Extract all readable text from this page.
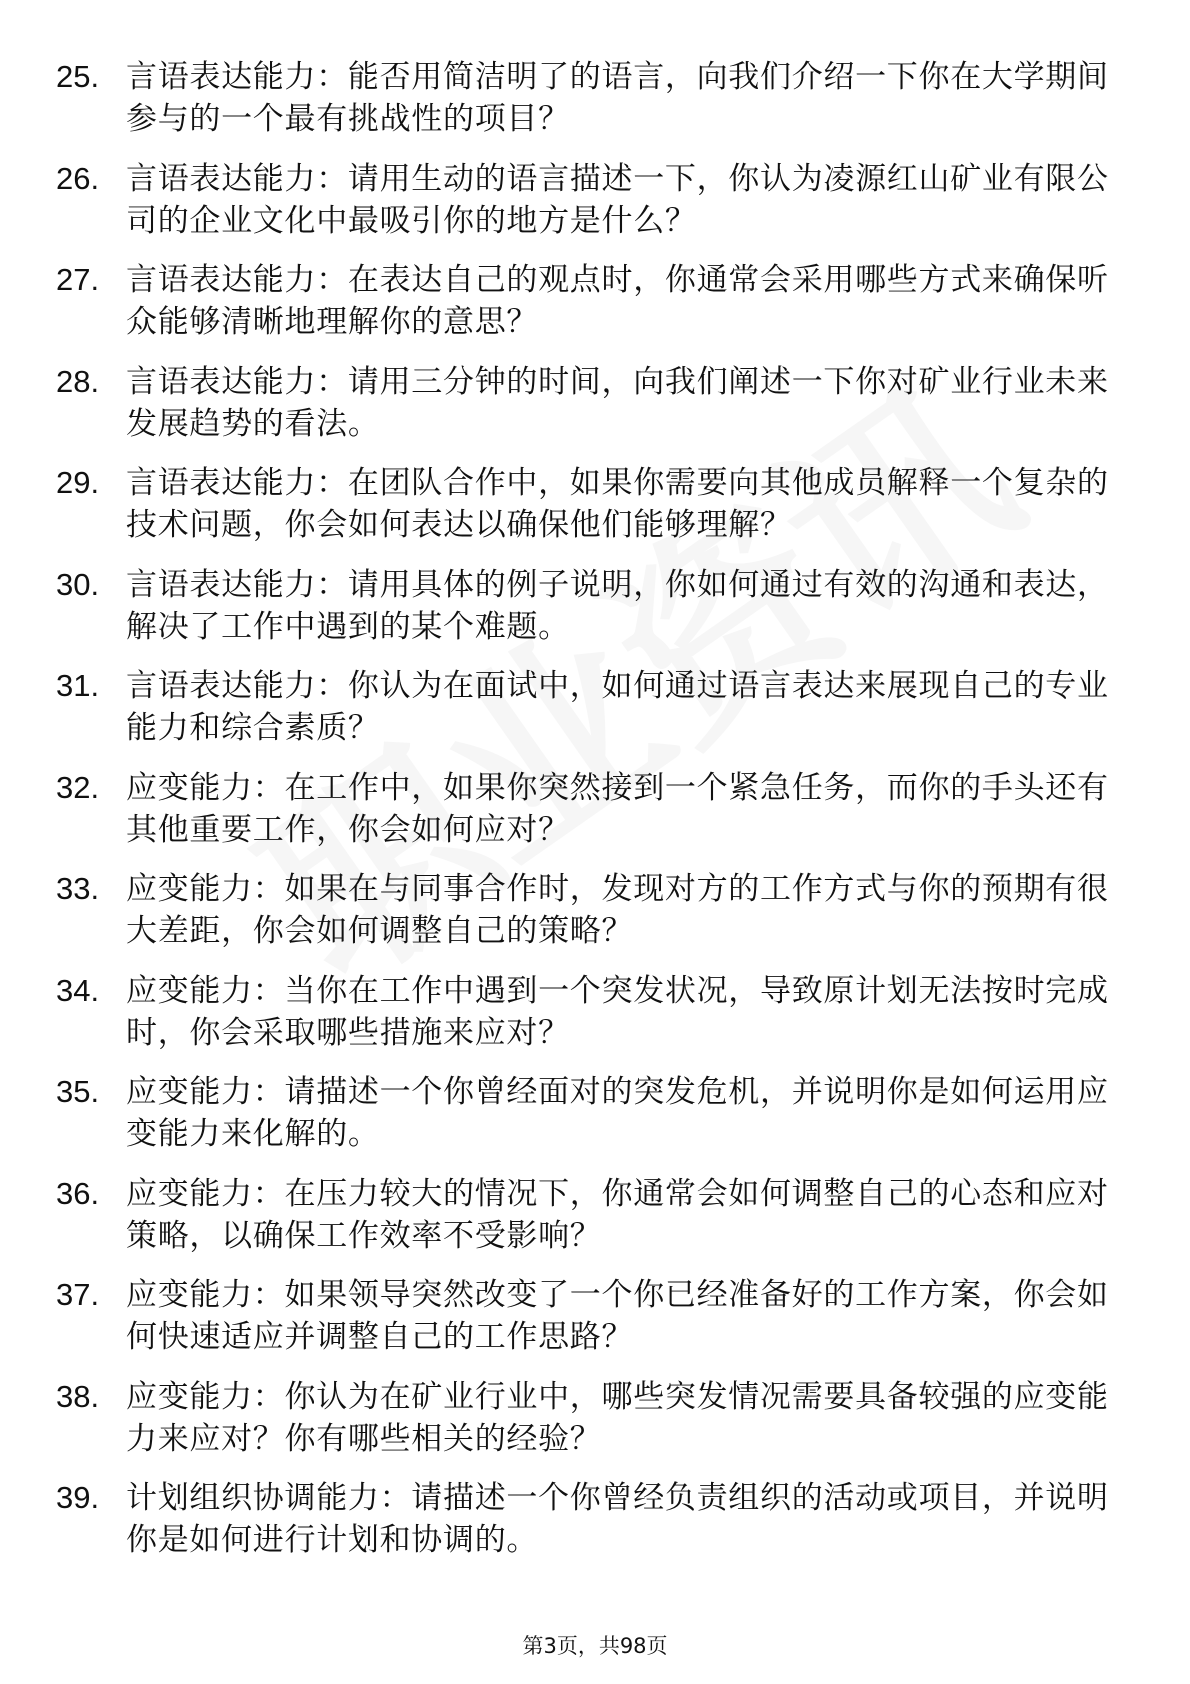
25. 言语表达能力：能否用简洁明了的语言，向我们介绍一下你在大学期间参与的一个最有挑战性的项目？
26. 言语表达能力：请用生动的语言描述一下，你认为凌源红山矿业有限公司的企业文化中最吸引你的地方是什么？
27. 言语表达能力：在表达自己的观点时，你通常会采用哪些方式来确保听众能够清晰地理解你的意思？
28. 言语表达能力：请用三分钟的时间，向我们阐述一下你对矿业行业未来发展趋势的看法。
29. 言语表达能力：在团队合作中，如果你需要向其他成员解释一个复杂的技术问题，你会如何表达以确保他们能够理解？
30. 言语表达能力：请用具体的例子说明，你如何通过有效的沟通和表达，解决了工作中遇到的某个难题。
31. 言语表达能力：你认为在面试中，如何通过语言表达来展现自己的专业能力和综合素质？
32. 应变能力：在工作中，如果你突然接到一个紧急任务，而你的手头还有其他重要工作，你会如何应对？
33. 应变能力：如果在与同事合作时，发现对方的工作方式与你的预期有很大差距，你会如何调整自己的策略？
34. 应变能力：当你在工作中遇到一个突发状况，导致原计划无法按时完成时，你会采取哪些措施来应对？
35. 应变能力：请描述一个你曾经面对的突发危机，并说明你是如何运用应变能力来化解的。
36. 应变能力：在压力较大的情况下，你通常会如何调整自己的心态和应对策略，以确保工作效率不受影响？
37. 应变能力：如果领导突然改变了一个你已经准备好的工作方案，你会如何快速适应并调整自己的工作思路？
38. 应变能力：你认为在矿业行业中，哪些突发情况需要具备较强的应变能力来应对？你有哪些相关的经验？
39. 计划组织协调能力：请描述一个你曾经负责组织的活动或项目，并说明你是如何进行计划和协调的。
第3页，共98页
